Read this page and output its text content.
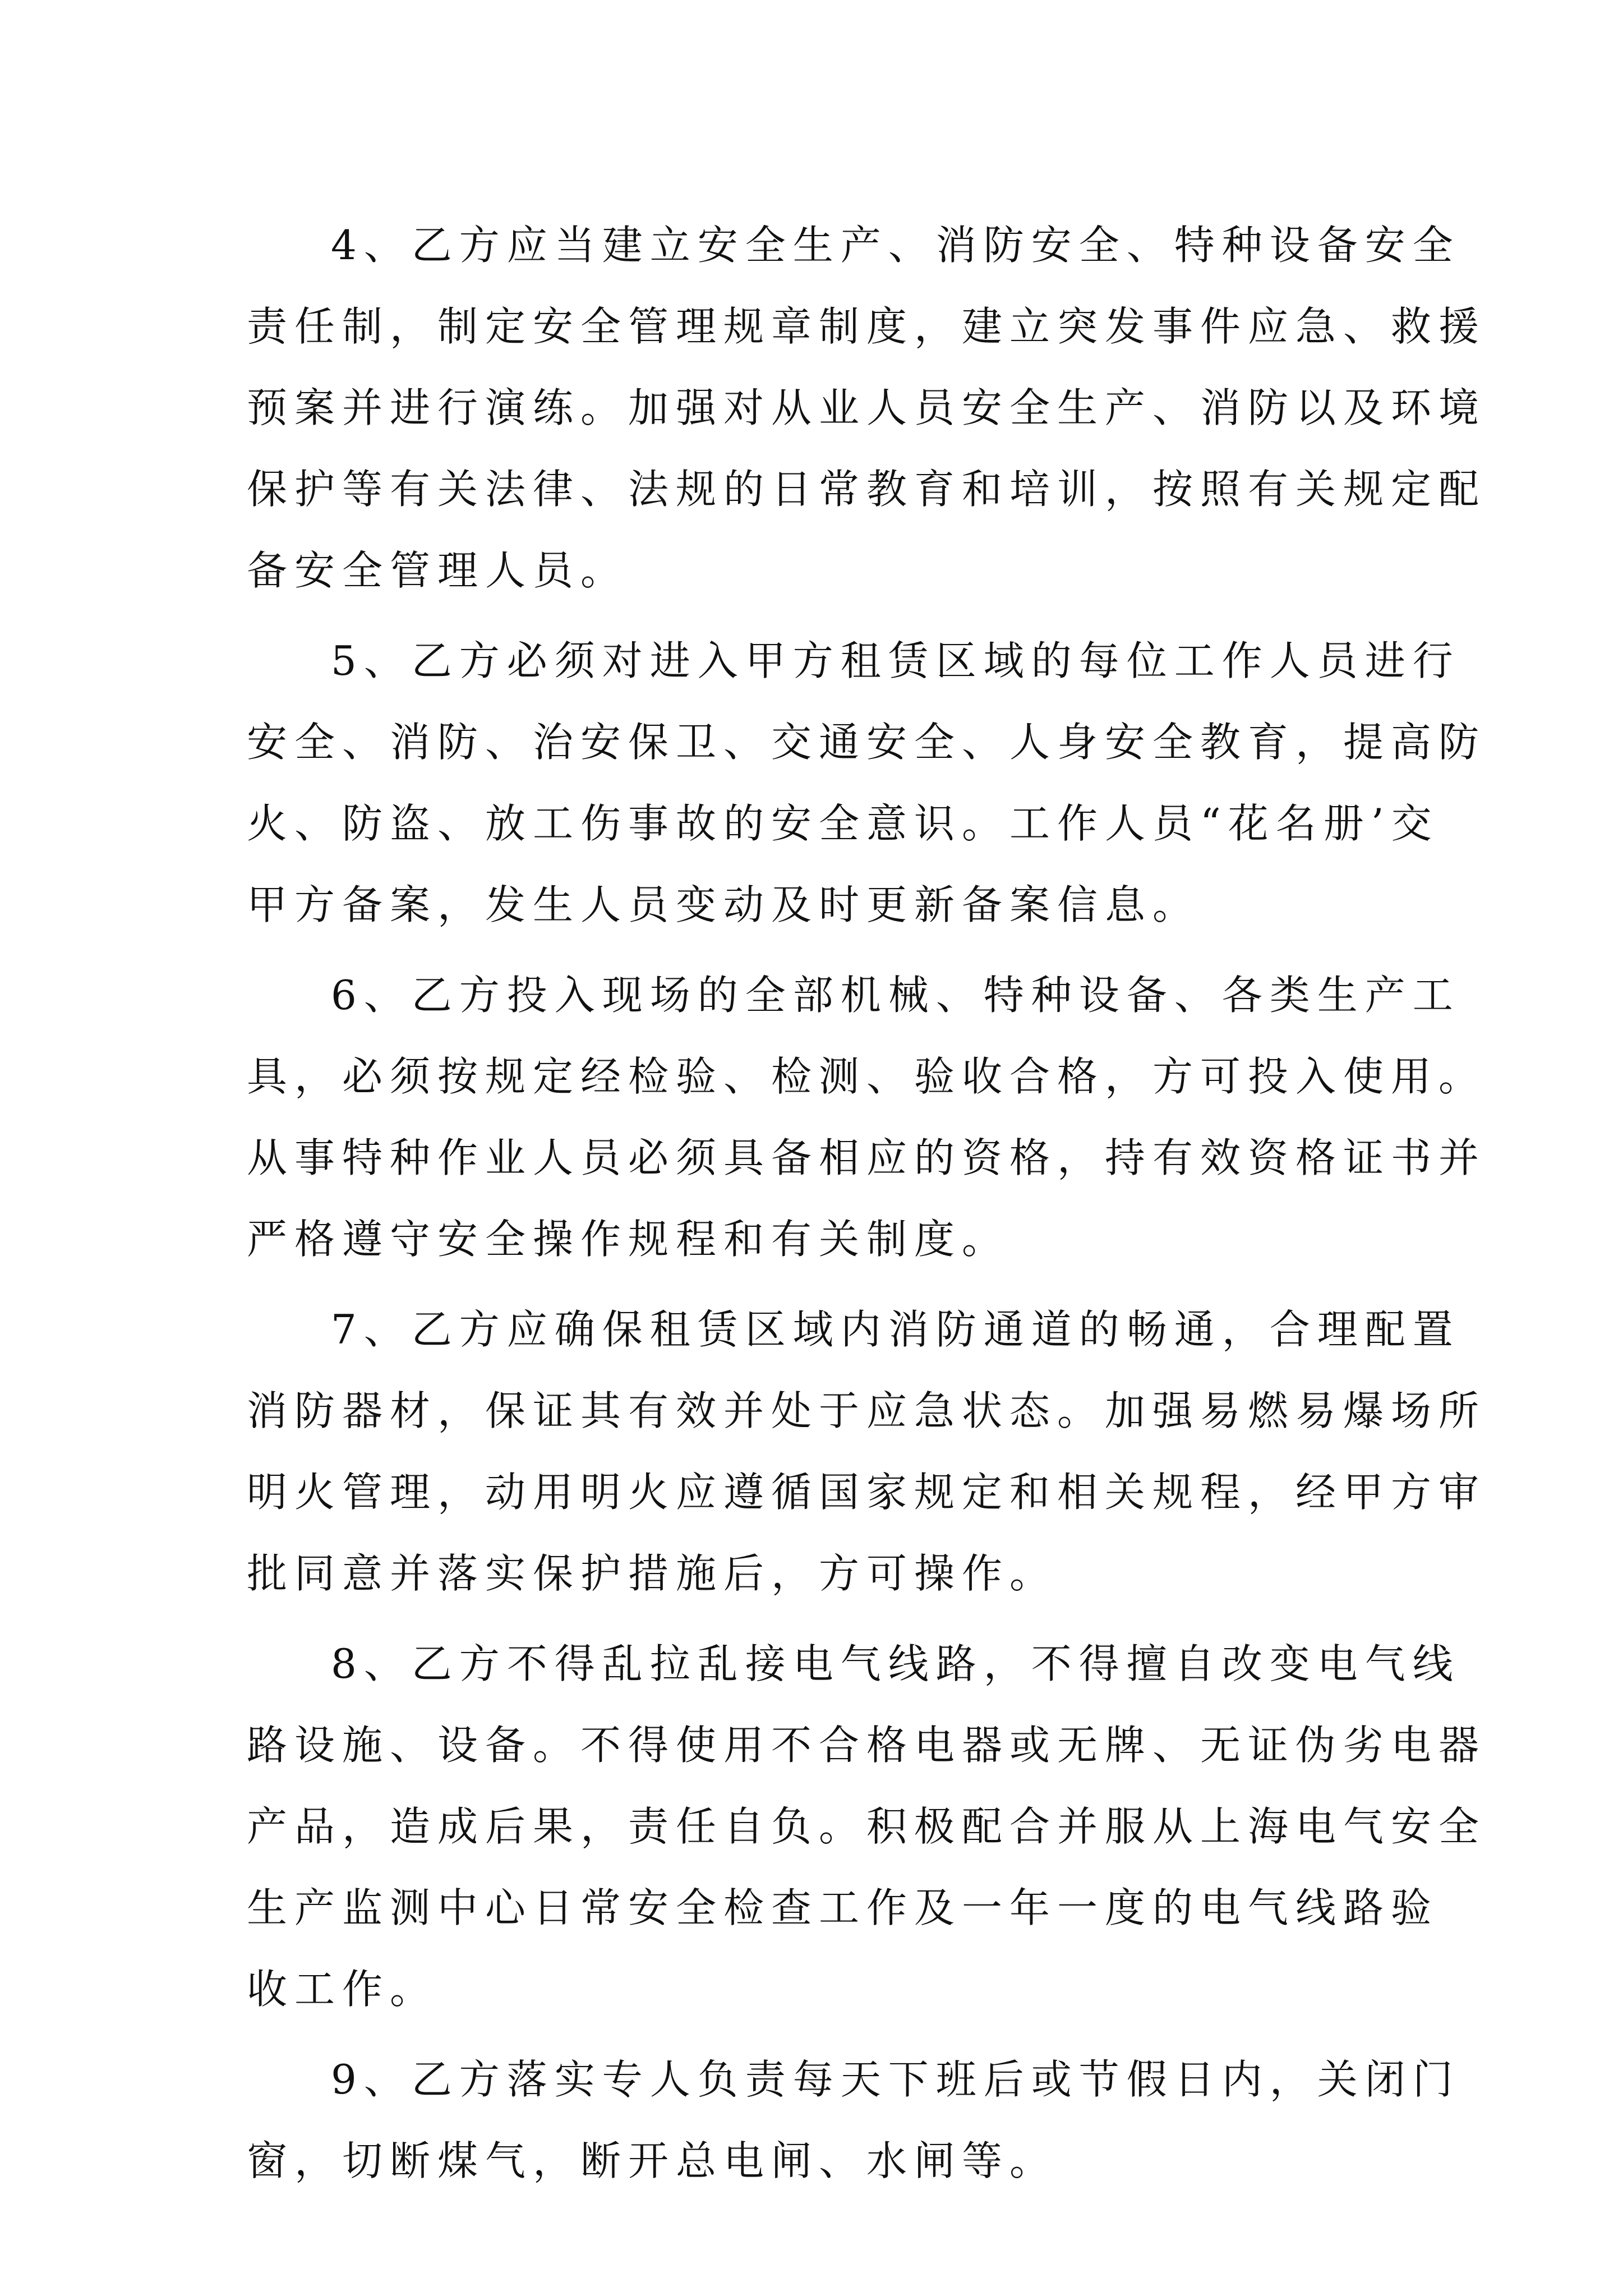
4、乙方应当建立安全生产、消防安全、特种设备安全
责任制，制定安全管理规章制度，建立突发事件应急、救援
预案并进行演练。加强对从业人员安全生产、消防以及环境
保护等有关法律、法规的日常教育和培训，按照有关规定配
备安全管理人员。
5、乙方必须对进入甲方租赁区域的每位工作人员进行
安全、消防、治安保卫、交通安全、人身安全教育，提高防
火、防盗、放工伤事故的安全意识。工作人员“花名册’交
甲方备案，发生人员变动及时更新备案信息。
6、乙方投入现场的全部机械、特种设备、各类生产工
具，必须按规定经检验、检测、验收合格，方可投入使用。
从事特种作业人员必须具备相应的资格，持有效资格证书并
严格遵守安全操作规程和有关制度。
7、乙方应确保租赁区域内消防通道的畅通，合理配置
消防器材，保证其有效并处于应急状态。加强易燃易爆场所
明火管理，动用明火应遵循国家规定和相关规程，经甲方审
批同意并落实保护措施后，方可操作。
8、乙方不得乱拉乱接电气线路，不得擅自改变电气线
路设施、设备。不得使用不合格电器或无牌、无证伪劣电器
产品，造成后果，责任自负。积极配合并服从上海电气安全
生产监测中心日常安全检查工作及一年一度的电气线路验
收工作。
9、乙方落实专人负责每天下班后或节假日内，关闭门
窗，切断煤气，断开总电闸、水闸等。
